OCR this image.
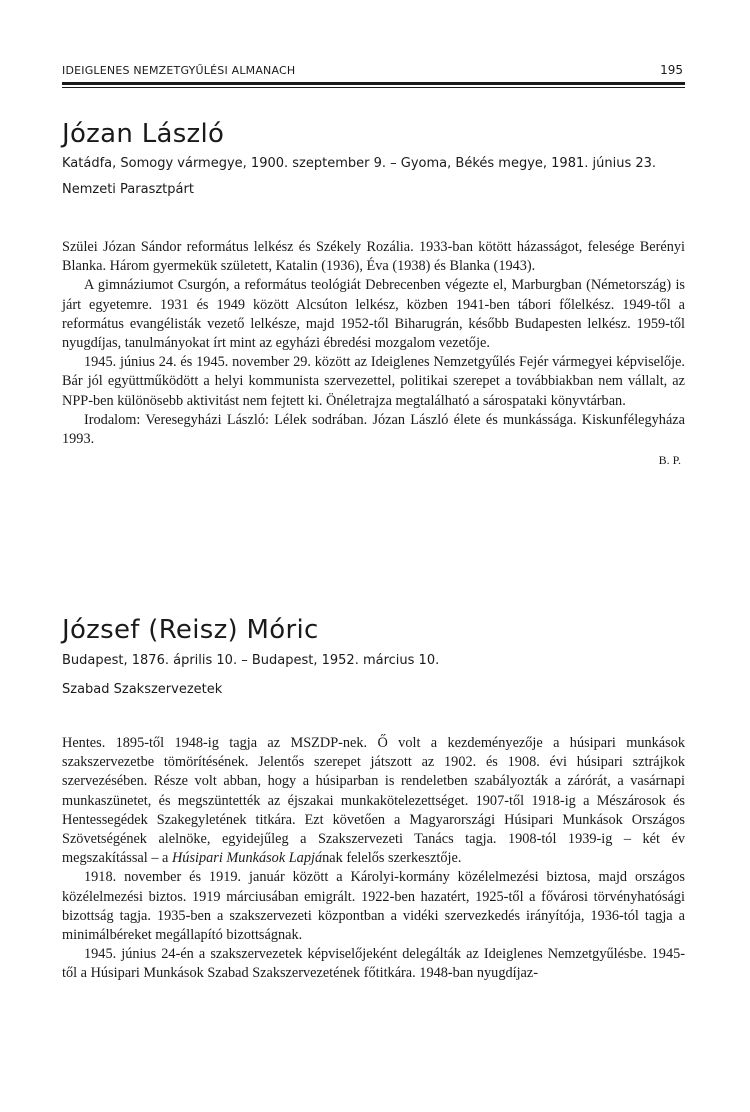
IDEIGLENES NEMZETGYŰLÉSI ALMANACH	195
Józan László

Katádfa, Somogy vármegye, 1900. szeptember 9. – Gyoma, Békés megye, 1981. június 23.

Nemzeti Parasztpárt

Szülei Józan Sándor református lelkész és Székely Rozália. 1933-ban kötött házasságot, felesége Berényi Blanka. Három gyermekük született, Katalin (1936), Éva (1938) és Blanka (1943).

A gimnáziumot Csurgón, a református teológiát Debrecenben végezte el, Marburgban (Németország) is járt egyetemre. 1931 és 1949 között Alcsúton lelkész, közben 1941-ben tábori főlelkész. 1949-től a református evangélisták vezető lelkésze, majd 1952-től Biharugrán, később Budapesten lelkész. 1959-től nyugdíjas, tanulmányokat írt mint az egyházi ébredési mozgalom vezetője.

1945. június 24. és 1945. november 29. között az Ideiglenes Nemzetgyűlés Fejér vármegyei képviselője. Bár jól együttműködött a helyi kommunista szervezettel, politikai szerepet a továbbiakban nem vállalt, az NPP-ben különösebb aktivitást nem fejtett ki. Önéletrajza megtalálható a sárospataki könyvtárban.

Irodalom: Veresegyházi László: Lélek sodrában. Józan László élete és munkássága. Kiskunfélegyháza 1993.

B. P.
József (Reisz) Móric

Budapest, 1876. április 10. – Budapest, 1952. március 10.

Szabad Szakszervezetek

Hentes. 1895-től 1948-ig tagja az MSZDP-nek. Ő volt a kezdeményezője a húsipari munkások szakszervezetbe tömörítésének. Jelentős szerepet játszott az 1902. és 1908. évi húsipari sztrájkok szervezésében. Része volt abban, hogy a húsiparban is rendeletben szabályozták a zárórát, a vasárnapi munkaszünetet, és megszüntették az éjszakai munkakötelezettséget. 1907-től 1918-ig a Mészárosok és Hentessegédek Szakegyletének titkára. Ezt követően a Magyarországi Húsipari Munkások Országos Szövetségének alelnöke, egyidejűleg a Szakszervezeti Tanács tagja. 1908-tól 1939-ig – két év megszakítással – a Húsipari Munkások Lapjának felelős szerkesztője.

1918. november és 1919. január között a Károlyi-kormány közélelmezési biztosa, majd országos közélelmezési biztos. 1919 márciusában emigrált. 1922-ben hazatért, 1925-től a fővárosi törvényhatósági bizottság tagja. 1935-ben a szakszervezeti központban a vidéki szervezkedés irányítója, 1936-tól tagja a minimálbéreket megállapító bizottságnak.

1945. június 24-én a szakszervezetek képviselőjeként delegálták az Ideiglenes Nemzetgyűlésbe. 1945-től a Húsipari Munkások Szabad Szakszervezetének főtitkára. 1948-ban nyugdíjaz-
